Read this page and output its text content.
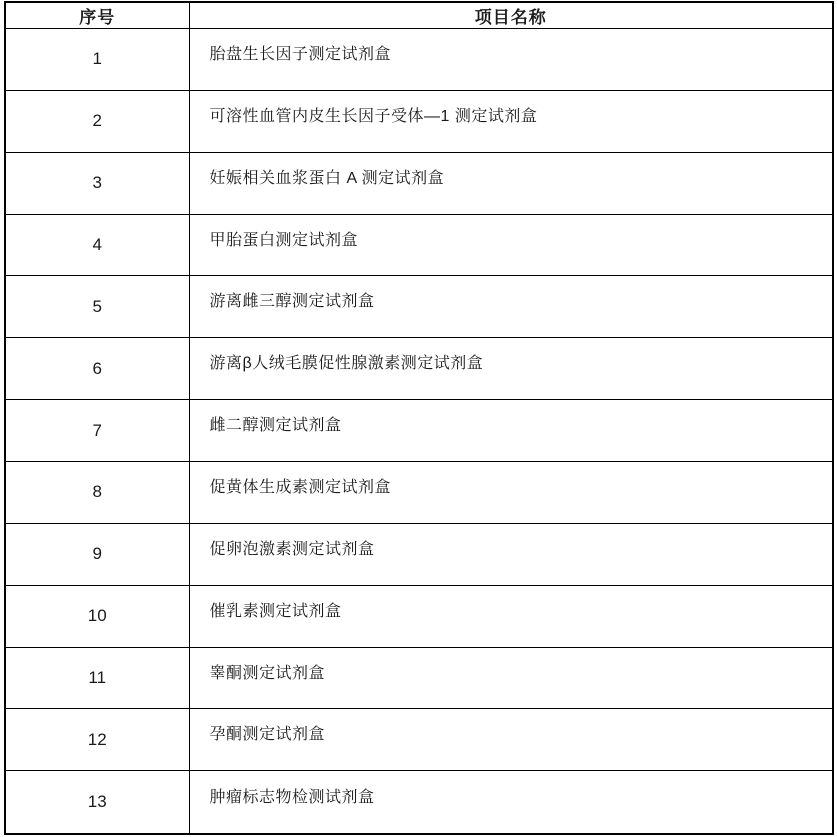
序号	项目名称
1	胎盘生长因子测定试剂盒
2	可溶性血管内皮生长因子受体—1 测定试剂盒
3	妊娠相关血浆蛋白 A 测定试剂盒
4	甲胎蛋白测定试剂盒
5	游离雌三醇测定试剂盒
6	游离β人绒毛膜促性腺激素测定试剂盒
7	雌二醇测定试剂盒
8	促黄体生成素测定试剂盒
9	促卵泡激素测定试剂盒
10	催乳素测定试剂盒
11	睾酮测定试剂盒
12	孕酮测定试剂盒
13	肿瘤标志物检测试剂盒
